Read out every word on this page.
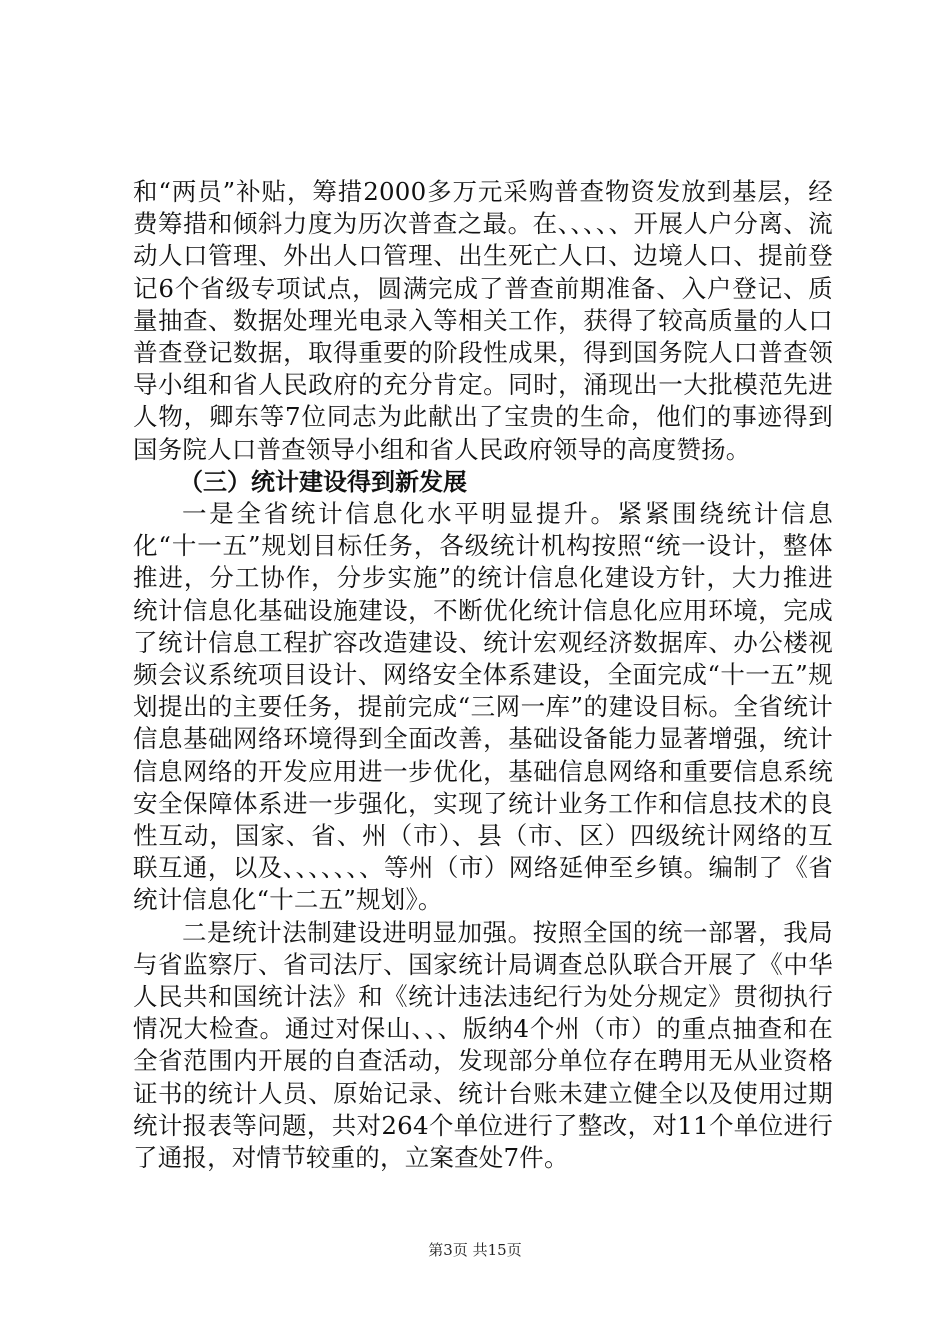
和“两员”补贴，筹措2000多万元采购普查物资发放到基层，经费筹措和倾斜力度为历次普查之最。在、、、、、开展人户分离、流动人口管理、外出人口管理、出生死亡人口、边境人口、提前登记6个省级专项试点，圆满完成了普查前期准备、入户登记、质量抽查、数据处理光电录入等相关工作，获得了较高质量的人口普查登记数据，取得重要的阶段性成果，得到国务院人口普查领导小组和省人民政府的充分肯定。同时，涌现出一大批模范先进人物，卿东等7位同志为此献出了宝贵的生命，他们的事迹得到国务院人口普查领导小组和省人民政府领导的高度赞扬。

（三）统计建设得到新发展

一是全省统计信息化水平明显提升。紧紧围绕统计信息化“十一五”规划目标任务，各级统计机构按照“统一设计，整体推进，分工协作，分步实施”的统计信息化建设方针，大力推进统计信息化基础设施建设，不断优化统计信息化应用环境，完成了统计信息工程扩容改造建设、统计宏观经济数据库、办公楼视频会议系统项目设计、网络安全体系建设，全面完成“十一五”规划提出的主要任务，提前完成“三网一库”的建设目标。全省统计信息基础网络环境得到全面改善，基础设备能力显著增强，统计信息网络的开发应用进一步优化，基础信息网络和重要信息系统安全保障体系进一步强化，实现了统计业务工作和信息技术的良性互动，国家、省、州（市）、县（市、区）四级统计网络的互联互通，以及、、、、、、、等州（市）网络延伸至乡镇。编制了《省统计信息化“十二五”规划》。

二是统计法制建设进明显加强。按照全国的统一部署，我局与省监察厅、省司法厅、国家统计局调查总队联合开展了《中华人民共和国统计法》和《统计违法违纪行为处分规定》贯彻执行情况大检查。通过对保山、、、版纳4个州（市）的重点抽查和在全省范围内开展的自查活动，发现部分单位存在聘用无从业资格证书的统计人员、原始记录、统计台账未建立健全以及使用过期统计报表等问题，共对264个单位进行了整改，对11个单位进行了通报，对情节较重的，立案查处7件。

第3页 共15页
